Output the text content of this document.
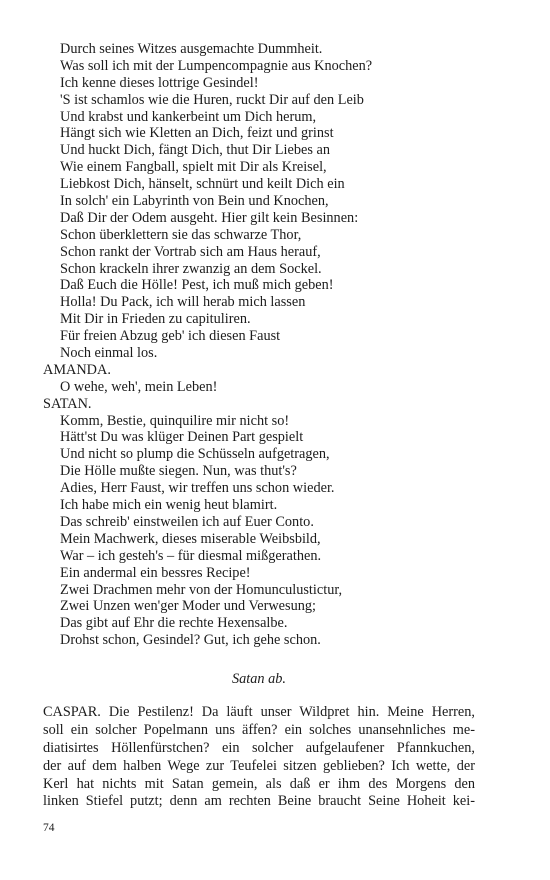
Durch seines Witzes ausgemachte Dummheit.
Was soll ich mit der Lumpencompagnie aus Knochen?
Ich kenne dieses lottrige Gesindel!
'S ist schamlos wie die Huren, ruckt Dir auf den Leib
Und krabst und kankerbeint um Dich herum,
Hängt sich wie Kletten an Dich, feizt und grinst
Und huckt Dich, fängt Dich, thut Dir Liebes an
Wie einem Fangball, spielt mit Dir als Kreisel,
Liebkost Dich, hänselt, schnürt und keilt Dich ein
In solch' ein Labyrinth von Bein und Knochen,
Daß Dir der Odem ausgeht. Hier gilt kein Besinnen:
Schon überklettern sie das schwarze Thor,
Schon rankt der Vortrab sich am Haus herauf,
Schon krackeln ihrer zwanzig an dem Sockel.
Daß Euch die Hölle! Pest, ich muß mich geben!
Holla! Du Pack, ich will herab mich lassen
Mit Dir in Frieden zu capituliren.
Für freien Abzug geb' ich diesen Faust
Noch einmal los.
AMANDA.
O wehe, weh', mein Leben!
SATAN.
Komm, Bestie, quinquilire mir nicht so!
Hätt'st Du was klüger Deinen Part gespielt
Und nicht so plump die Schüsseln aufgetragen,
Die Hölle mußte siegen. Nun, was thut's?
Adies, Herr Faust, wir treffen uns schon wieder.
Ich habe mich ein wenig heut blamirt.
Das schreib' einstweilen ich auf Euer Conto.
Mein Machwerk, dieses miserable Weibsbild,
War – ich gesteh's – für diesmal mißgerathen.
Ein andermal ein bessres Recipe!
Zwei Drachmen mehr von der Homunculustictur,
Zwei Unzen wen'ger Moder und Verwesung;
Das gibt auf Ehr die rechte Hexensalbe.
Drohst schon, Gesindel? Gut, ich gehe schon.
Satan ab.
CASPAR. Die Pestilenz! Da läuft unser Wildpret hin. Meine Herren,
soll ein solcher Popelmann uns äffen? ein solches unansehnliches me-
diatisirtes Höllenfürstchen? ein solcher aufgelaufener Pfannkuchen,
der auf dem halben Wege zur Teufelei sitzen geblieben? Ich wette, der
Kerl hat nichts mit Satan gemein, als daß er ihm des Morgens den
linken Stiefel putzt; denn am rechten Beine braucht Seine Hoheit kei-
74
